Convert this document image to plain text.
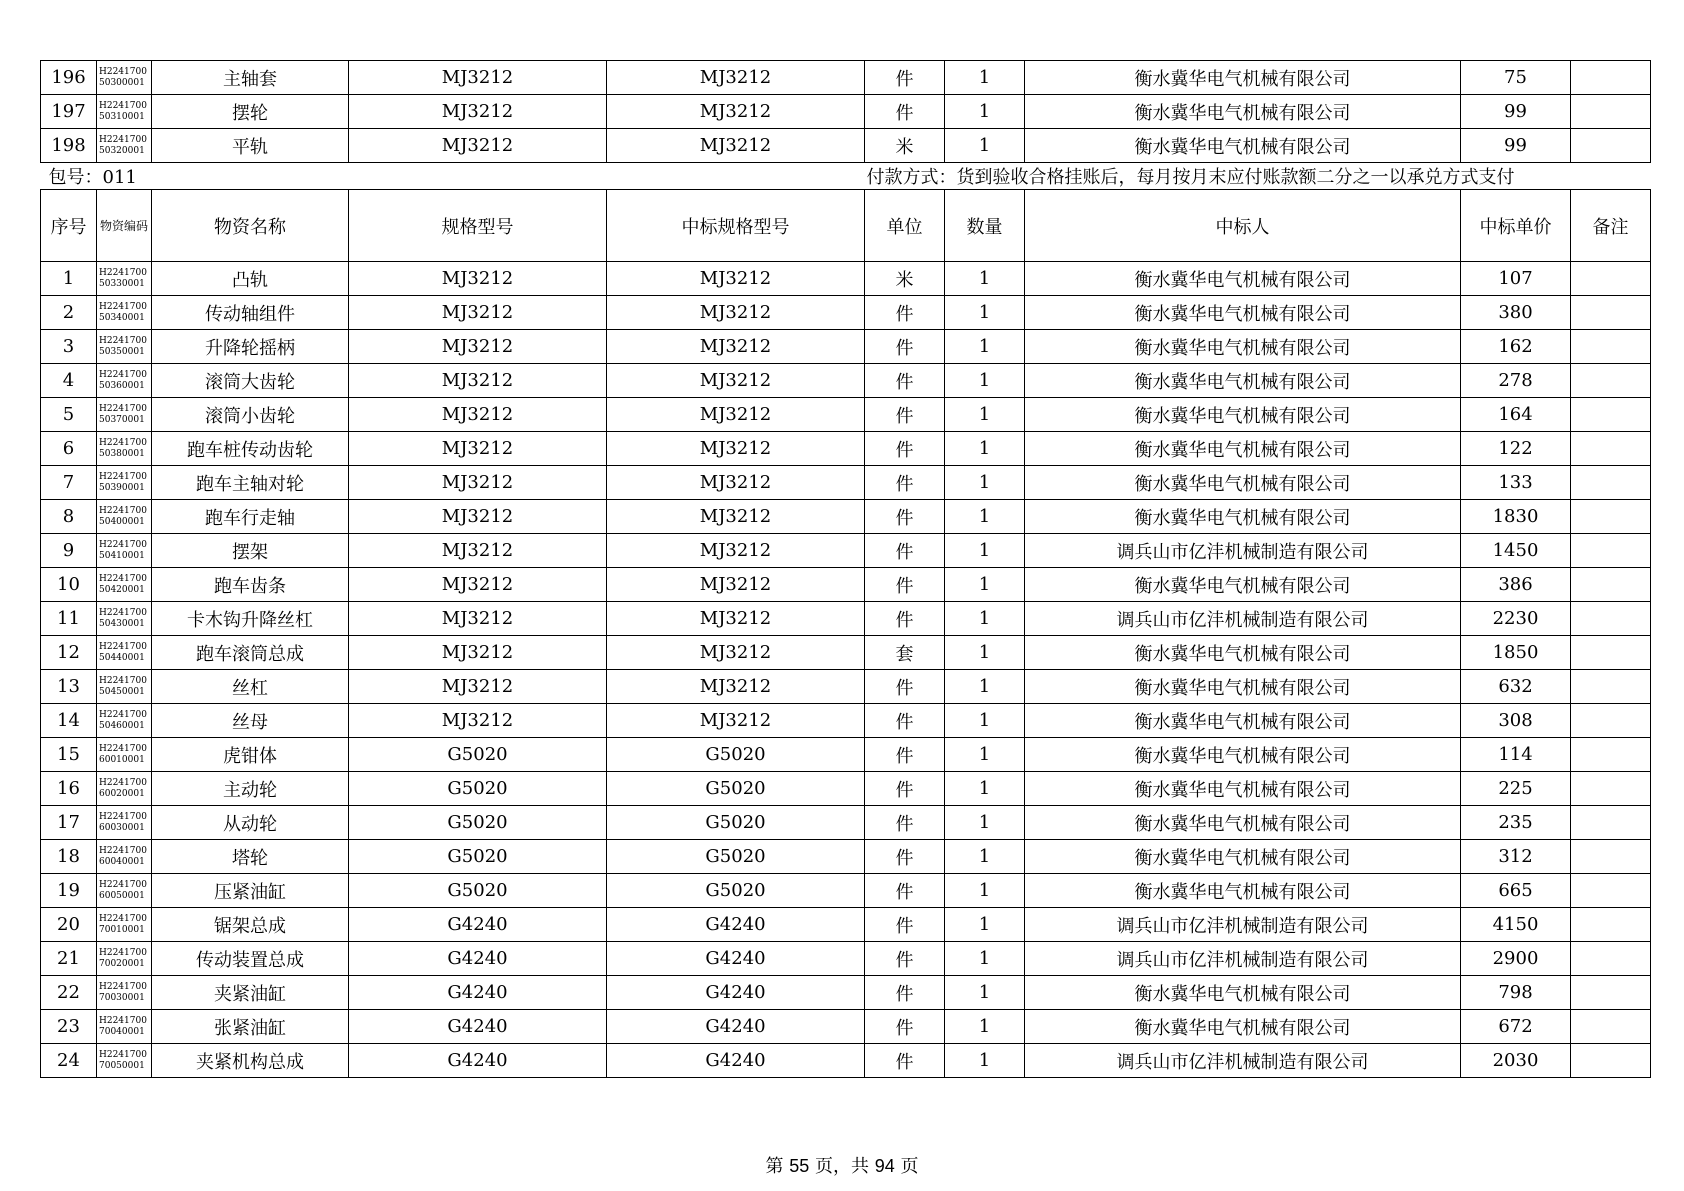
196	H2241700 50300001	主轴套	MJ3212	MJ3212	件	1	衡水冀华电气机械有限公司	75	
197	H2241700 50310001	摆轮	MJ3212	MJ3212	件	1	衡水冀华电气机械有限公司	99	
198	H2241700 50320001	平轨	MJ3212	MJ3212	米	1	衡水冀华电气机械有限公司	99	
包号：011					付款方式：货到验收合格挂账后，每月按月末应付账款额二分之一以承兑方式支付				
序号	物资编码	物资名称	规格型号	中标规格型号	单位	数量	中标人	中标单价	备注
1	H2241700 50330001	凸轨	MJ3212	MJ3212	米	1	衡水冀华电气机械有限公司	107	
2	H2241700 50340001	传动轴组件	MJ3212	MJ3212	件	1	衡水冀华电气机械有限公司	380	
3	H2241700 50350001	升降轮摇柄	MJ3212	MJ3212	件	1	衡水冀华电气机械有限公司	162	
4	H2241700 50360001	滚筒大齿轮	MJ3212	MJ3212	件	1	衡水冀华电气机械有限公司	278	
5	H2241700 50370001	滚筒小齿轮	MJ3212	MJ3212	件	1	衡水冀华电气机械有限公司	164	
6	H2241700 50380001	跑车桩传动齿轮	MJ3212	MJ3212	件	1	衡水冀华电气机械有限公司	122	
7	H2241700 50390001	跑车主轴对轮	MJ3212	MJ3212	件	1	衡水冀华电气机械有限公司	133	
8	H2241700 50400001	跑车行走轴	MJ3212	MJ3212	件	1	衡水冀华电气机械有限公司	1830	
9	H2241700 50410001	摆架	MJ3212	MJ3212	件	1	调兵山市亿沣机械制造有限公司	1450	
10	H2241700 50420001	跑车齿条	MJ3212	MJ3212	件	1	衡水冀华电气机械有限公司	386	
11	H2241700 50430001	卡木钩升降丝杠	MJ3212	MJ3212	件	1	调兵山市亿沣机械制造有限公司	2230	
12	H2241700 50440001	跑车滚筒总成	MJ3212	MJ3212	套	1	衡水冀华电气机械有限公司	1850	
13	H2241700 50450001	丝杠	MJ3212	MJ3212	件	1	衡水冀华电气机械有限公司	632	
14	H2241700 50460001	丝母	MJ3212	MJ3212	件	1	衡水冀华电气机械有限公司	308	
15	H2241700 60010001	虎钳体	G5020	G5020	件	1	衡水冀华电气机械有限公司	114	
16	H2241700 60020001	主动轮	G5020	G5020	件	1	衡水冀华电气机械有限公司	225	
17	H2241700 60030001	从动轮	G5020	G5020	件	1	衡水冀华电气机械有限公司	235	
18	H2241700 60040001	塔轮	G5020	G5020	件	1	衡水冀华电气机械有限公司	312	
19	H2241700 60050001	压紧油缸	G5020	G5020	件	1	衡水冀华电气机械有限公司	665	
20	H2241700 70010001	锯架总成	G4240	G4240	件	1	调兵山市亿沣机械制造有限公司	4150	
21	H2241700 70020001	传动装置总成	G4240	G4240	件	1	调兵山市亿沣机械制造有限公司	2900	
22	H2241700 70030001	夹紧油缸	G4240	G4240	件	1	衡水冀华电气机械有限公司	798	
23	H2241700 70040001	张紧油缸	G4240	G4240	件	1	衡水冀华电气机械有限公司	672	
24	H2241700 70050001	夹紧机构总成	G4240	G4240	件	1	调兵山市亿沣机械制造有限公司	2030	
第 55 页，共 94 页
